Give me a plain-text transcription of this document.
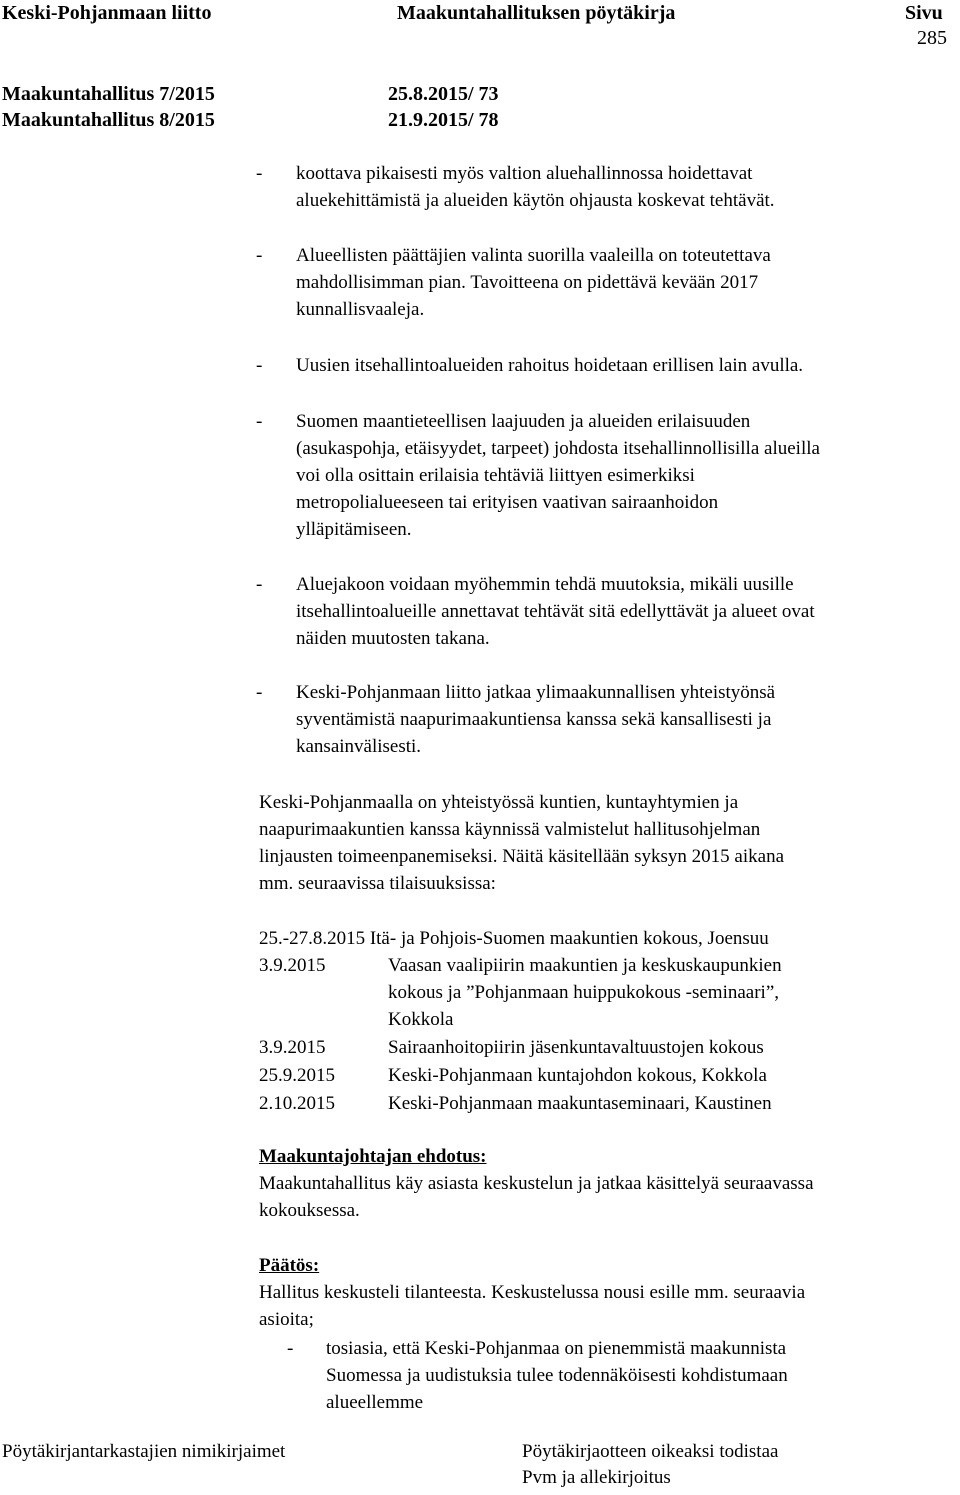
Keski-Pohjanmaan liitto	Maakuntahallituksen pöytäkirja	Sivu
285
Maakuntahallitus 7/2015	25.8.2015/ 73
Maakuntahallitus 8/2015	21.9.2015/ 78
- koottava pikaisesti myös valtion aluehallinnossa hoidettavat
aluekehittämistä ja alueiden käytön ohjausta koskevat tehtävät.
- Alueellisten päättäjien valinta suorilla vaaleilla on toteutettava
mahdollisimman pian. Tavoitteena on pidettävä kevään 2017
kunnallisvaaleja.
- Uusien itsehallintoalueiden rahoitus hoidetaan erillisen lain avulla.
- Suomen maantieteellisen laajuuden ja alueiden erilaisuuden
(asukaspohja, etäisyydet, tarpeet) johdosta itsehallinnollisilla alueilla
voi olla osittain erilaisia tehtäviä liittyen esimerkiksi
metropolialueeseen tai erityisen vaativan sairaanhoidon
ylläpitämiseen.
- Aluejakoon voidaan myöhemmin tehdä muutoksia, mikäli uusille
itsehallintoalueille annettavat tehtävät sitä edellyttävät ja alueet ovat
näiden muutosten takana.
- Keski-Pohjanmaan liitto jatkaa ylimaakunnallisen yhteistyönsä
syventämistä naapurimaakuntiensa kanssa sekä kansallisesti ja
kansainvälisesti.
Keski-Pohjanmaalla on yhteistyössä kuntien, kuntayhtymien ja
naapurimaakuntien kanssa käynnissä valmistelut hallitusohjelman
linjausten toimeenpanemiseksi. Näitä käsitellään syksyn 2015 aikana
mm. seuraavissa tilaisuuksissa:
25.-27.8.2015 Itä- ja Pohjois-Suomen maakuntien kokous, Joensuu
3.9.2015	Vaasan vaalipiirin maakuntien ja keskuskaupunkien
kokous ja ”Pohjanmaan huippukokous -seminaari”,
Kokkola
3.9.2015	Sairaanhoitopiirin jäsenkuntavaltuustojen kokous
25.9.2015	Keski-Pohjanmaan kuntajohdon kokous, Kokkola
2.10.2015	Keski-Pohjanmaan maakuntaseminaari, Kaustinen
Maakuntajohtajan ehdotus:
Maakuntahallitus käy asiasta keskustelun ja jatkaa käsittelyä seuraavassa
kokouksessa.
Päätös:
Hallitus keskusteli tilanteesta. Keskustelussa nousi esille mm. seuraavia
asioita;
- tosiasia, että Keski-Pohjanmaa on pienemmistä maakunnista
Suomessa ja uudistuksia tulee todennäköisesti kohdistumaan
alueellemme
Pöytäkirjantarkastajien nimikirjaimet	Pöytäkirjaotteen oikeaksi todistaa
Pvm ja allekirjoitus
